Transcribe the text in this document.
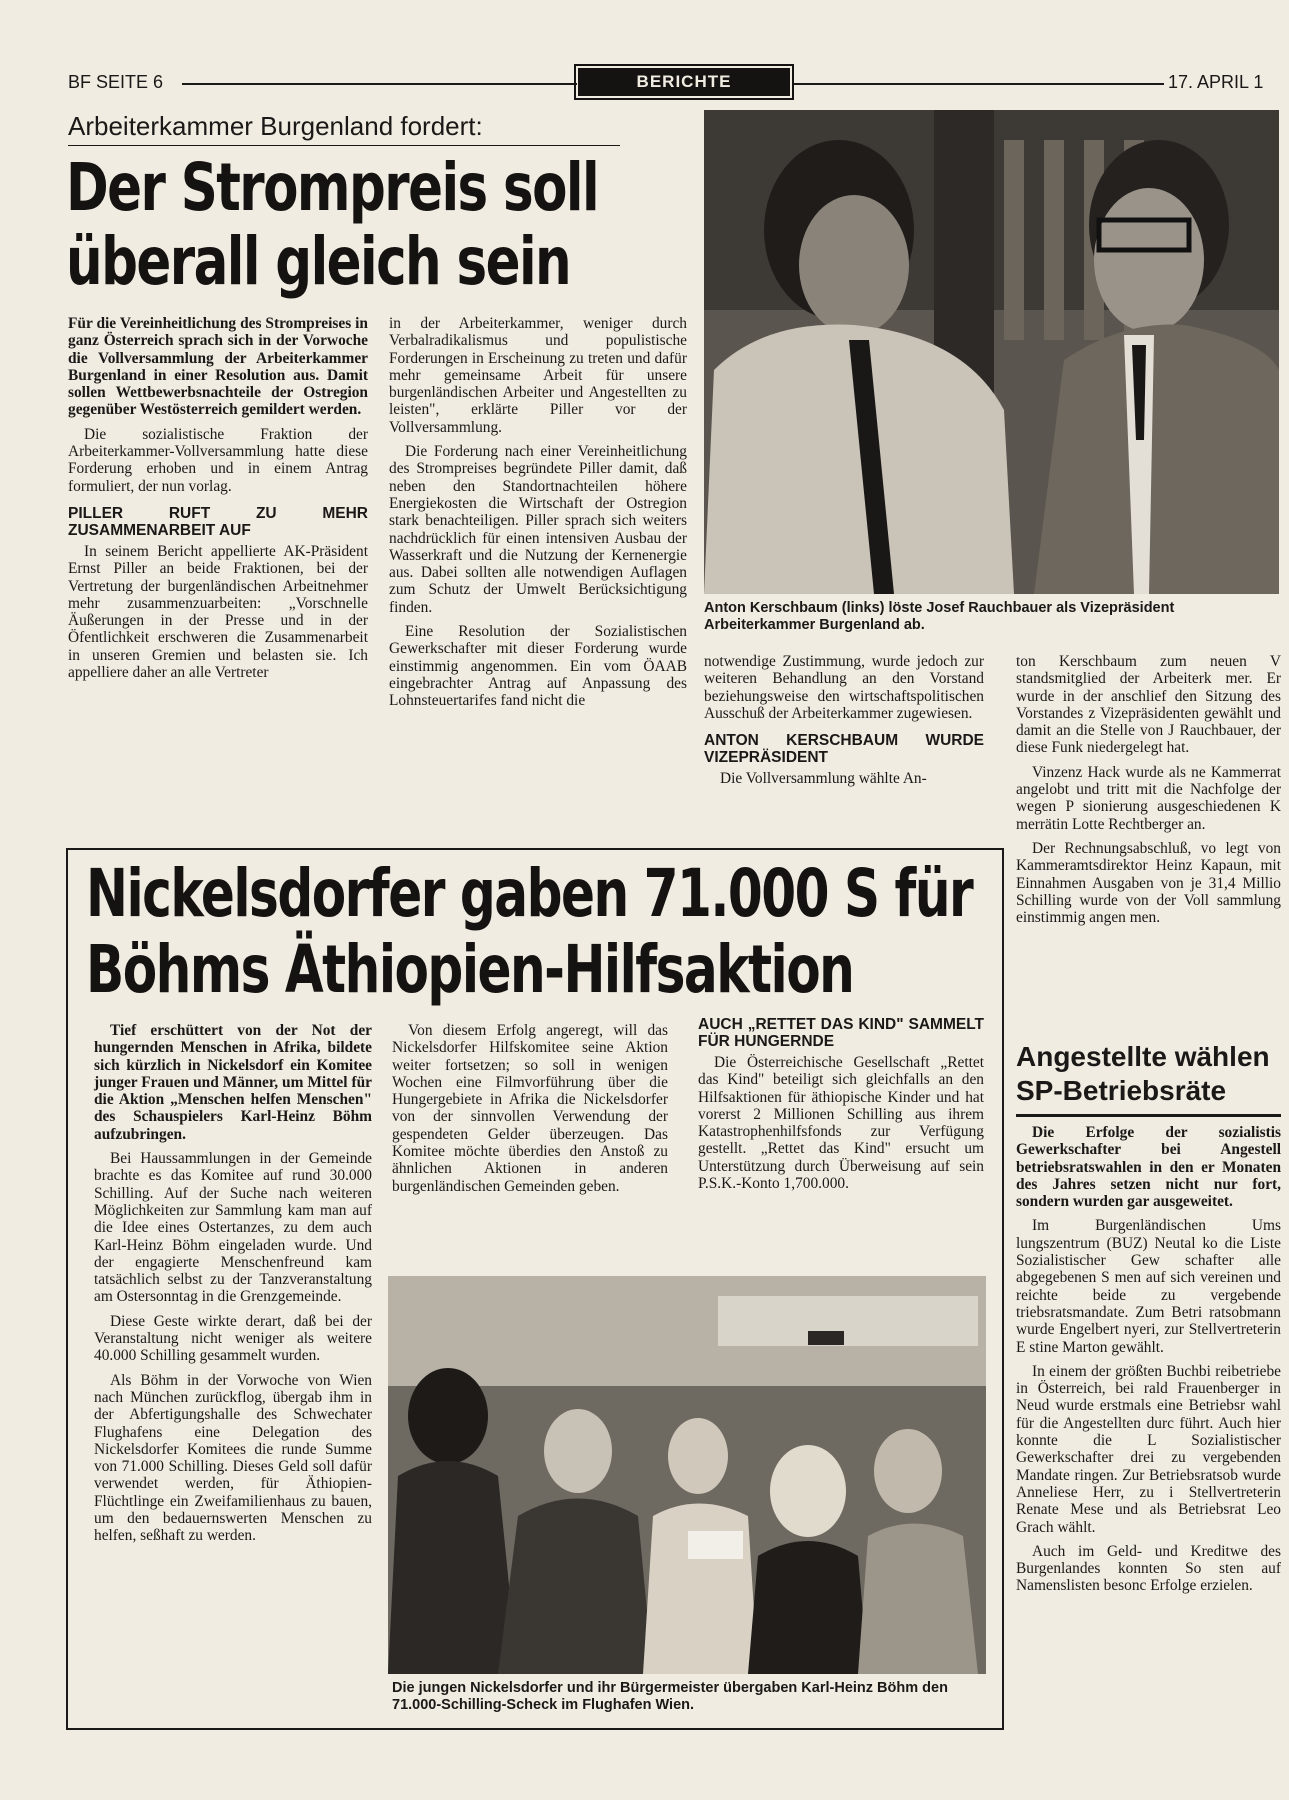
BF SEITE 6	BERICHTE	17. APRIL 1
Arbeiterkammer Burgenland fordert:
Der Strompreis soll
überall gleich sein

Für die Vereinheitlichung des Strompreises in ganz Österreich sprach sich in der Vorwoche die Vollversammlung der Arbeiterkammer Burgenland in einer Resolution aus. Damit sollen Wettbewerbsnachteile der Ostregion gegenüber Westösterreich gemildert werden.

Die sozialistische Fraktion der Arbeiterkammer-Vollversammlung hatte diese Forderung erhoben und in einem Antrag formuliert, der nun vorlag.

PILLER RUFT ZU MEHR ZUSAMMENARBEIT AUF

In seinem Bericht appellierte AK-Präsident Ernst Piller an beide Fraktionen, bei der Vertretung der burgenländischen Arbeitnehmer mehr zusammenzuarbeiten: „Vorschnelle Äußerungen in der Presse und in der Öfentlichkeit erschweren die Zusammenarbeit in unseren Gremien und belasten sie. Ich appelliere daher an alle Vertreter

in der Arbeiterkammer, weniger durch Verbalradikalismus und populistische Forderungen in Erscheinung zu treten und dafür mehr gemeinsame Arbeit für unsere burgenländischen Arbeiter und Angestellten zu leisten", erklärte Piller vor der Vollversammlung.

Die Forderung nach einer Vereinheitlichung des Strompreises begründete Piller damit, daß neben den Standortnachteilen höhere Energiekosten die Wirtschaft der Ostregion stark benachteiligen. Piller sprach sich weiters nachdrücklich für einen intensiven Ausbau der Wasserkraft und die Nutzung der Kernenergie aus. Dabei sollten alle notwendigen Auflagen zum Schutz der Umwelt Berücksichtigung finden.

Eine Resolution der Sozialistischen Gewerkschafter mit dieser Forderung wurde einstimmig angenommen. Ein vom ÖAAB eingebrachter Antrag auf Anpassung des Lohnsteuertarifes fand nicht die

Anton Kerschbaum (links) löste Josef Rauchbauer als Vizepräsident Arbeiterkammer Burgenland ab.

notwendige Zustimmung, wurde jedoch zur weiteren Behandlung an den Vorstand beziehungsweise den wirtschaftspolitischen Ausschuß der Arbeiterkammer zugewiesen.

ANTON KERSCHBAUM WURDE VIZEPRÄSIDENT

Die Vollversammlung wählte An-

ton Kerschbaum zum neuen V standsmitglied der Arbeiterk mer. Er wurde in der anschlief den Sitzung des Vorstandes z Vizepräsidenten gewählt und damit an die Stelle von J Rauchbauer, der diese Funk niedergelegt hat.

Vinzenz Hack wurde als ne Kammerrat angelobt und tritt mit die Nachfolge der wegen P sionierung ausgeschiedenen K merrätin Lotte Rechtberger an.

Der Rechnungsabschluß, vo legt von Kammeramtsdirektor Heinz Kapaun, mit Einnahmen Ausgaben von je 31,4 Millio Schilling wurde von der Voll sammlung einstimmig angen men.

Nickelsdorfer gaben 71.000 S für
Böhms Äthiopien-Hilfsaktion

Tief erschüttert von der Not der hungernden Menschen in Afrika, bildete sich kürzlich in Nickelsdorf ein Komitee junger Frauen und Männer, um Mittel für die Aktion „Menschen helfen Menschen" des Schauspielers Karl-Heinz Böhm aufzubringen.

Bei Haussammlungen in der Gemeinde brachte es das Komitee auf rund 30.000 Schilling. Auf der Suche nach weiteren Möglichkeiten zur Sammlung kam man auf die Idee eines Ostertanzes, zu dem auch Karl-Heinz Böhm eingeladen wurde. Und der engagierte Menschenfreund kam tatsächlich selbst zu der Tanzveranstaltung am Ostersonntag in die Grenzgemeinde.

Diese Geste wirkte derart, daß bei der Veranstaltung nicht weniger als weitere 40.000 Schilling gesammelt wurden.

Als Böhm in der Vorwoche von Wien nach München zurückflog, übergab ihm in der Abfertigungshalle des Schwechater Flughafens eine Delegation des Nickelsdorfer Komitees die runde Summe von 71.000 Schilling. Dieses Geld soll dafür verwendet werden, für Äthiopien-Flüchtlinge ein Zweifamilienhaus zu bauen, um den bedauernswerten Menschen zu helfen, seßhaft zu werden.

Von diesem Erfolg angeregt, will das Nickelsdorfer Hilfskomitee seine Aktion weiter fortsetzen; so soll in wenigen Wochen eine Filmvorführung über die Hungergebiete in Afrika die Nickelsdorfer von der sinnvollen Verwendung der gespendeten Gelder überzeugen. Das Komitee möchte überdies den Anstoß zu ähnlichen Aktionen in anderen burgenländischen Gemeinden geben.

AUCH „RETTET DAS KIND" SAMMELT FÜR HUNGERNDE

Die Österreichische Gesellschaft „Rettet das Kind" beteiligt sich gleichfalls an den Hilfsaktionen für äthiopische Kinder und hat vorerst 2 Millionen Schilling aus ihrem Katastrophenhilfsfonds zur Verfügung gestellt. „Rettet das Kind" ersucht um Unterstützung durch Überweisung auf sein P.S.K.-Konto 1,700.000.

Die jungen Nickelsdorfer und ihr Bürgermeister übergaben Karl-Heinz Böhm den 71.000-Schilling-Scheck im Flughafen Wien.
Angestellte wählen
SP-Betriebsräte

Die Erfolge der sozialistis Gewerkschafter bei Angestell betriebsratswahlen in den er Monaten des Jahres setzen nicht nur fort, sondern wurden gar ausgeweitet.

Im Burgenländischen Ums lungszentrum (BUZ) Neutal ko die Liste Sozialistischer Gew schafter alle abgegebenen S men auf sich vereinen und reichte beide zu vergebende triebsratsmandate. Zum Betri ratsobmann wurde Engelbert nyeri, zur Stellvertreterin E stine Marton gewählt.

In einem der größten Buchbi reibetriebe in Österreich, bei rald Frauenberger in Neud wurde erstmals eine Betriebsr wahl für die Angestellten durc führt. Auch hier konnte die L Sozialistischer Gewerkschafter drei zu vergebenden Mandate ringen. Zur Betriebsratsob wurde Anneliese Herr, zu i Stellvertreterin Renate Mese und als Betriebsrat Leo Grach wählt.

Auch im Geld- und Kreditwe des Burgenlandes konnten So sten auf Namenslisten besonc Erfolge erzielen.
